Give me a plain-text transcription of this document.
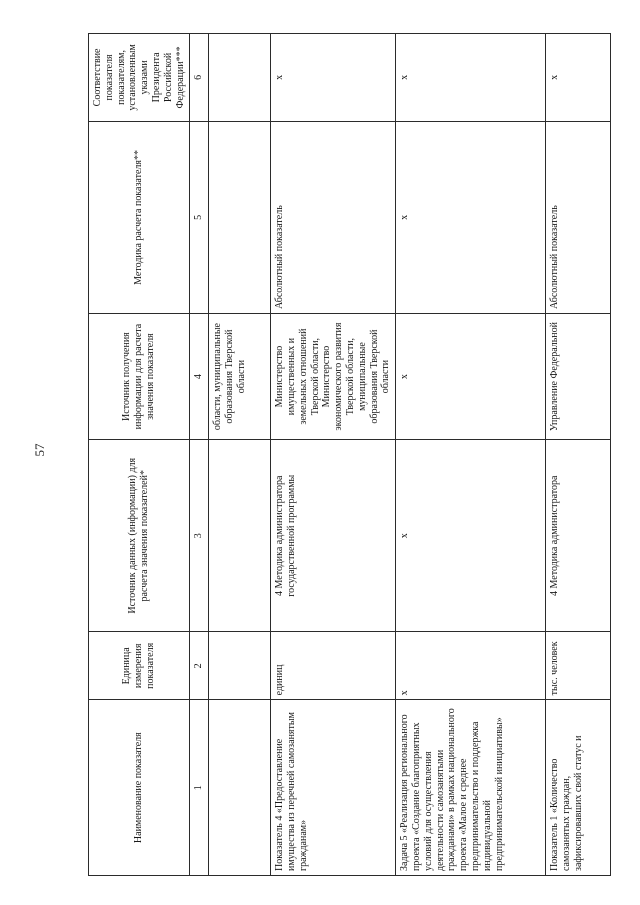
57
Наименование показателя	Единица измерения показателя	Источник данных (информации) для расчета значения показателей*	Источник получения информации для расчета значения показателя	Методика расчета показателя**	Соответствие показателя показателям, установленным указами Президента Российской Федерации***
1	2	3	4	5	6
			области, муниципальные образования Тверской области		
Показатель 4 «Предоставление имущества из перечней самозанятым гражданам»	единиц	4 Методика администратора государственной программы	Министерство имущественных и земельных отношений Тверской области, Министерство экономического развития Тверской области, муниципальные образования Тверской области	Абсолютный показатель	х
Задача 5 «Реализация регионального проекта «Создание благоприятных условий для осуществления деятельности самозанятыми гражданами» в рамках национального проекта «Малое и среднее предпринимательство и поддержка индивидуальной предпринимательской инициативы»	х	х	х	х	х
Показатель 1 «Количество самозанятых граждан, зафиксировавших свой статус и	тыс. человек	4 Методика администратора	Управление Федеральной	Абсолютный показатель	х
